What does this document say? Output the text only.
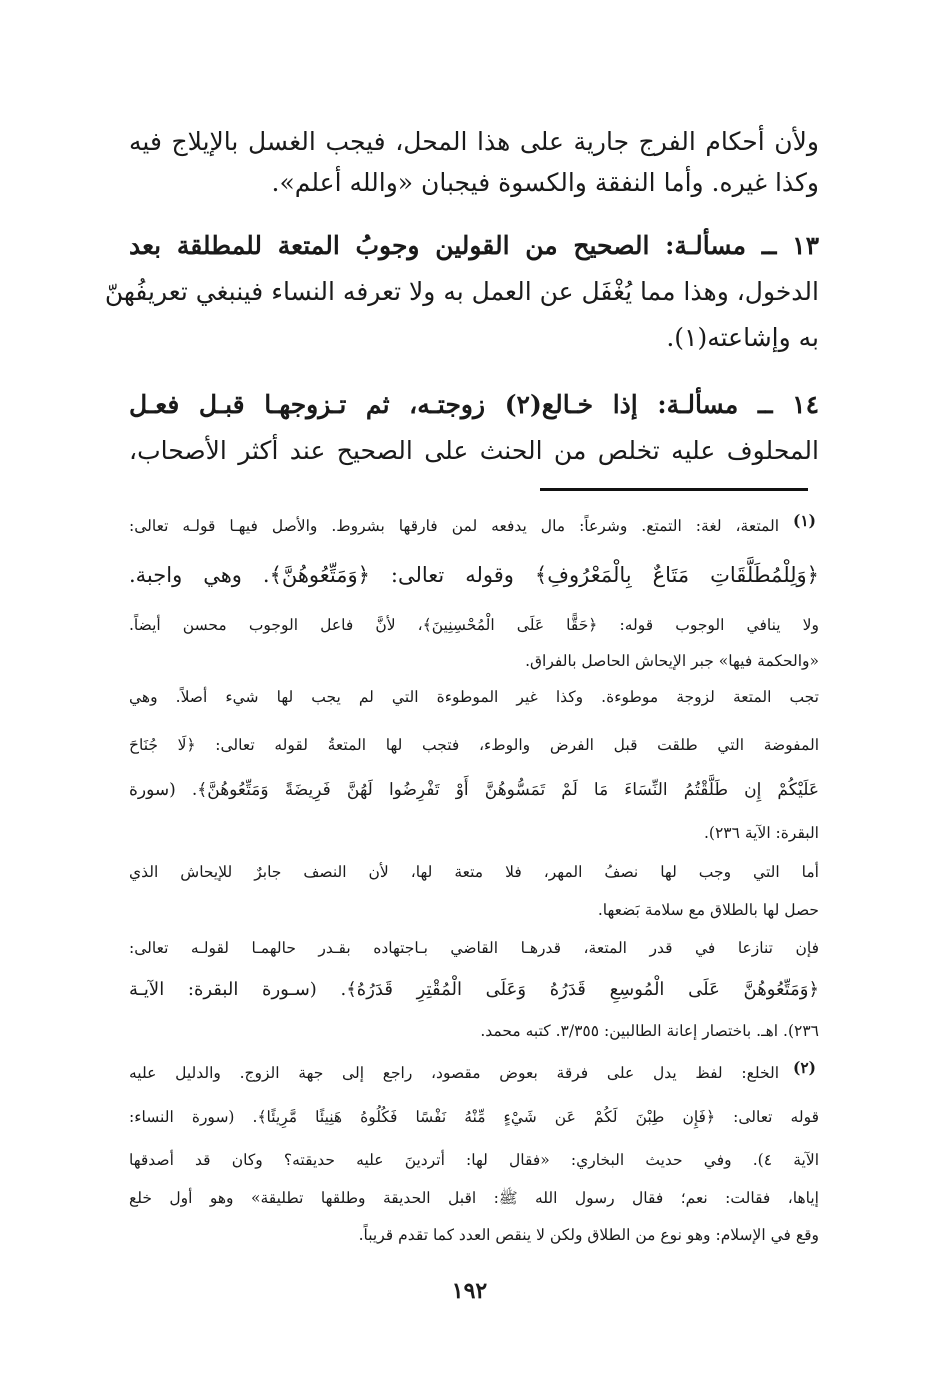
ولأن أحكام الفرج جارية على هذا المحل، فيجب الغسل بالإيلاج فيه
وكذا غيره. وأما النفقة والكسوة فيجبان «والله أعلم».
١٣ ــ مسألـة: الصحيح من القولين وجوبُ المتعة للمطلقة بعد
الدخول، وهذا مما يُغْفَل عن العمل به ولا تعرفه النساء فينبغي تعريفُهنّ
به وإشاعته(١).
١٤ ــ مسألـة: إذا خـالع(٢) زوجتـه، ثم تـزوجهـا قبـل فعـل
المحلوف عليه تخلص من الحنث على الصحيح عند أكثر الأصحاب،
(١)
المتعة، لغة: التمتع. وشرعاً: مال يدفعه لمن فارقها بشروط. والأصل فيهـا قولـه تعالى:
﴿وَلِلْمُطَلَّقَاتِ مَتَاعٌ بِالْمَعْرُوفِ﴾ وقوله تعالى: ﴿وَمَتِّعُوهُنَّ﴾. وهي واجبة.
ولا ينافي الوجوب قوله: ﴿حَقًّا عَلَى الْمُحْسِنِينَ﴾، لأنَّ فاعل الوجوب محسن أيضاً.
«والحكمة فيها» جبر الإيحاش الحاصل بالفراق.
تجب المتعة لزوجة موطوءة. وكذا غير الموطوءة التي لم يجب لها شيء أصلاً. وهي
المفوضة التي طلقت قبل الفرض والوطء، فتجب لها المتعةُ لقوله تعالى: ﴿لَا جُنَاحَ
عَلَيْكُمْ إِن طَلَّقْتُمُ النِّسَاءَ مَا لَمْ تَمَسُّوهُنَّ أَوْ تَفْرِضُوا لَهُنَّ فَرِيضَةً وَمَتِّعُوهُنَّ﴾. (سورة
البقرة: الآية ٢٣٦).
أما التي وجب لها نصفُ المهر، فلا متعة لها، لأن النصف جابرٌ للإيحاش الذي
حصل لها بالطلاق مع سلامة بَضعها.
فإن تنازعا في قدر المتعة، قدرهـا القاضي بـاجتهاده بقـدر حالهمـا لقولـه تعالى:
﴿وَمَتِّعُوهُنَّ عَلَى الْمُوسِعِ قَدَرُهُ وَعَلَى الْمُقْتِرِ قَدَرُهُ﴾. (سـورة البقرة: الآيـة
٢٣٦). اهـ. باختصار إعانة الطالبين: ٣/٣٥٥. كتبه محمد.
(٢)
الخلع: لفظ يدل على فرقة بعوض مقصود، راجع إلى جهة الزوج. والدليل عليه
قوله تعالى: ﴿فَإِن طِبْنَ لَكُمْ عَن شَيْءٍ مِّنْهُ نَفْسًا فَكُلُوهُ هَنِيئًا مَّرِيئًا﴾. (سورة النساء:
الآية ٤). وفي حديث البخاري: «فقال لها: أتردينَ عليه حديقته؟ وكان قد أصدقها
إياها، فقالت: نعم؛ فقال رسول الله ﷺ: اقبل الحديقة وطلقها تطليقة» وهو أول خلع
وقع في الإسلام: وهو نوع من الطلاق ولكن لا ينقص العدد كما تقدم قريباً.
١٩٢
